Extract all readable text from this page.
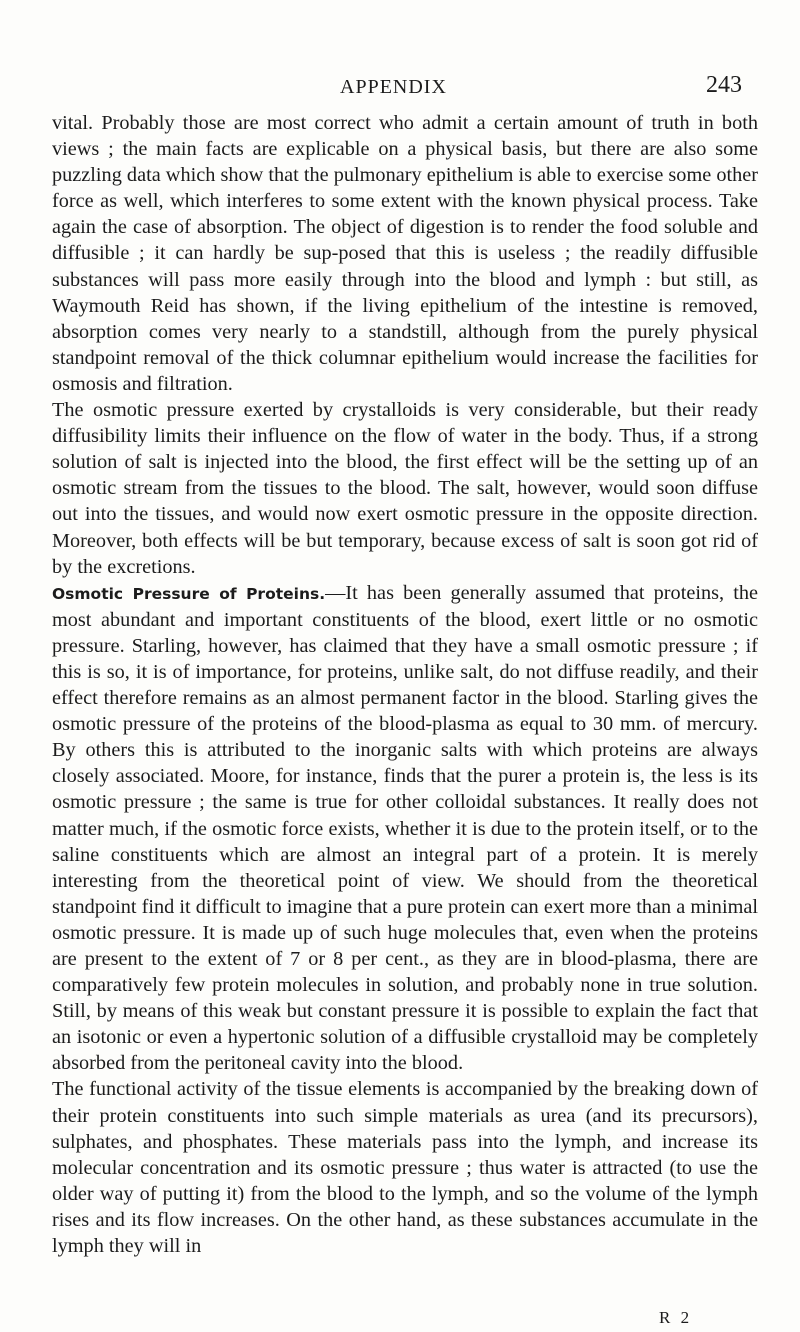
APPENDIX	243

vital. Probably those are most correct who admit a certain amount of truth in both views ; the main facts are explicable on a physical basis, but there are also some puzzling data which show that the pulmonary epithelium is able to exercise some other force as well, which interferes to some extent with the known physical process. Take again the case of absorption. The object of digestion is to render the food soluble and diffusible ; it can hardly be sup-posed that this is useless ; the readily diffusible substances will pass more easily through into the blood and lymph : but still, as Waymouth Reid has shown, if the living epithelium of the intestine is removed, absorption comes very nearly to a standstill, although from the purely physical standpoint removal of the thick columnar epithelium would increase the facilities for osmosis and filtration.

The osmotic pressure exerted by crystalloids is very considerable, but their ready diffusibility limits their influence on the flow of water in the body. Thus, if a strong solution of salt is injected into the blood, the first effect will be the setting up of an osmotic stream from the tissues to the blood. The salt, however, would soon diffuse out into the tissues, and would now exert osmotic pressure in the opposite direction. Moreover, both effects will be but temporary, because excess of salt is soon got rid of by the excretions.

Osmotic Pressure of Proteins.—It has been generally assumed that proteins, the most abundant and important constituents of the blood, exert little or no osmotic pressure. Starling, however, has claimed that they have a small osmotic pressure ; if this is so, it is of importance, for proteins, unlike salt, do not diffuse readily, and their effect therefore remains as an almost permanent factor in the blood. Starling gives the osmotic pressure of the proteins of the blood-plasma as equal to 30 mm. of mercury. By others this is attributed to the inorganic salts with which proteins are always closely associated. Moore, for instance, finds that the purer a protein is, the less is its osmotic pressure ; the same is true for other colloidal substances. It really does not matter much, if the osmotic force exists, whether it is due to the protein itself, or to the saline constituents which are almost an integral part of a protein. It is merely interesting from the theoretical point of view. We should from the theoretical standpoint find it difficult to imagine that a pure protein can exert more than a minimal osmotic pressure. It is made up of such huge molecules that, even when the proteins are present to the extent of 7 or 8 per cent., as they are in blood-plasma, there are comparatively few protein molecules in solution, and probably none in true solution. Still, by means of this weak but constant pressure it is possible to explain the fact that an isotonic or even a hypertonic solution of a diffusible crystalloid may be completely absorbed from the peritoneal cavity into the blood.

The functional activity of the tissue elements is accompanied by the breaking down of their protein constituents into such simple materials as urea (and its precursors), sulphates, and phosphates. These materials pass into the lymph, and increase its molecular concentration and its osmotic pressure ; thus water is attracted (to use the older way of putting it) from the blood to the lymph, and so the volume of the lymph rises and its flow increases. On the other hand, as these substances accumulate in the lymph they will in

R 2
